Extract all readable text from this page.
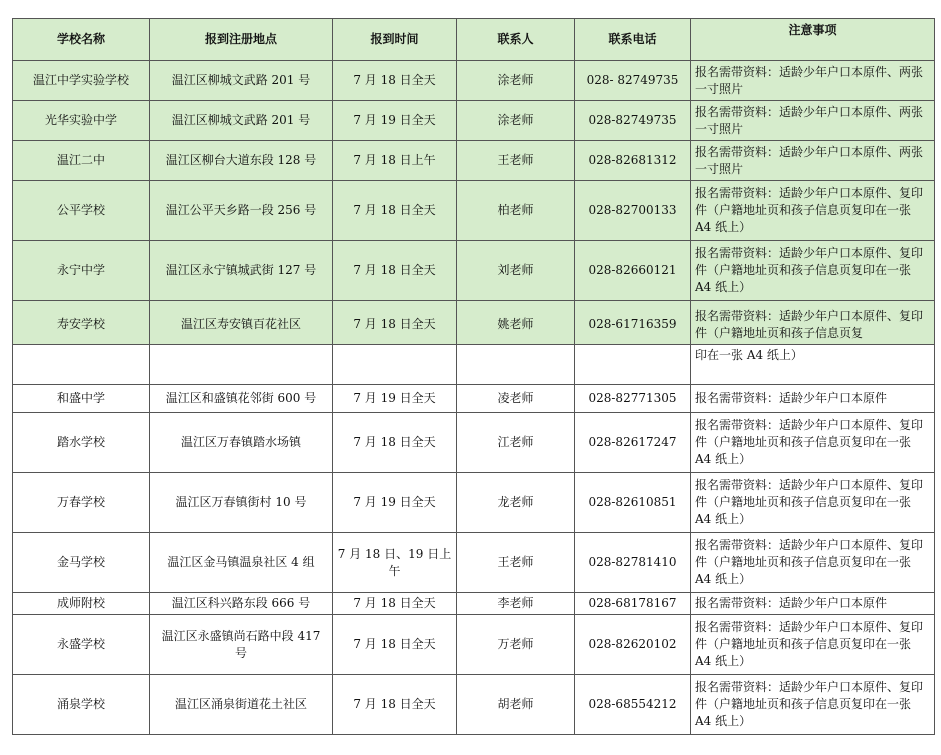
学校名称	报到注册地点	报到时间	联系人	联系电话	注意事项
温江中学实验学校	温江区柳城文武路 201 号	7 月 18 日全天	涂老师	028- 82749735	报名需带资料：适龄少年户口本原件、两张一寸照片
光华实验中学	温江区柳城文武路 201 号	7 月 19 日全天	涂老师	028-82749735	报名需带资料：适龄少年户口本原件、两张一寸照片
温江二中	温江区柳台大道东段 128 号	7 月 18 日上午	王老师	028-82681312	报名需带资料：适龄少年户口本原件、两张一寸照片
公平学校	温江公平天乡路一段 256 号	7 月 18 日全天	柏老师	028-82700133	报名需带资料：适龄少年户口本原件、复印件（户籍地址页和孩子信息页复印在一张 A4 纸上）
永宁中学	温江区永宁镇城武街 127 号	7 月 18 日全天	刘老师	028-82660121	报名需带资料：适龄少年户口本原件、复印件（户籍地址页和孩子信息页复印在一张 A4 纸上）
寿安学校	温江区寿安镇百花社区	7 月 18 日全天	姚老师	028-61716359	报名需带资料：适龄少年户口本原件、复印件（户籍地址页和孩子信息页复
					印在一张 A4 纸上）
和盛中学	温江区和盛镇花邻街 600 号	7 月 19 日全天	凌老师	028-82771305	报名需带资料：适龄少年户口本原件
踏水学校	温江区万春镇踏水场镇	7 月 18 日全天	江老师	028-82617247	报名需带资料：适龄少年户口本原件、复印件（户籍地址页和孩子信息页复印在一张 A4 纸上）
万春学校	温江区万春镇街村 10 号	7 月 19 日全天	龙老师	028-82610851	报名需带资料：适龄少年户口本原件、复印件（户籍地址页和孩子信息页复印在一张 A4 纸上）
金马学校	温江区金马镇温泉社区 4 组	7 月 18 日、19 日上午	王老师	028-82781410	报名需带资料：适龄少年户口本原件、复印件（户籍地址页和孩子信息页复印在一张 A4 纸上）
成师附校	温江区科兴路东段 666 号	7 月 18 日全天	李老师	028-68178167	报名需带资料：适龄少年户口本原件
永盛学校	温江区永盛镇尚石路中段 417 号	7 月 18 日全天	万老师	028-82620102	报名需带资料：适龄少年户口本原件、复印件（户籍地址页和孩子信息页复印在一张 A4 纸上）
涌泉学校	温江区涌泉街道花土社区	7 月 18 日全天	胡老师	028-68554212	报名需带资料：适龄少年户口本原件、复印件（户籍地址页和孩子信息页复印在一张 A4 纸上）
